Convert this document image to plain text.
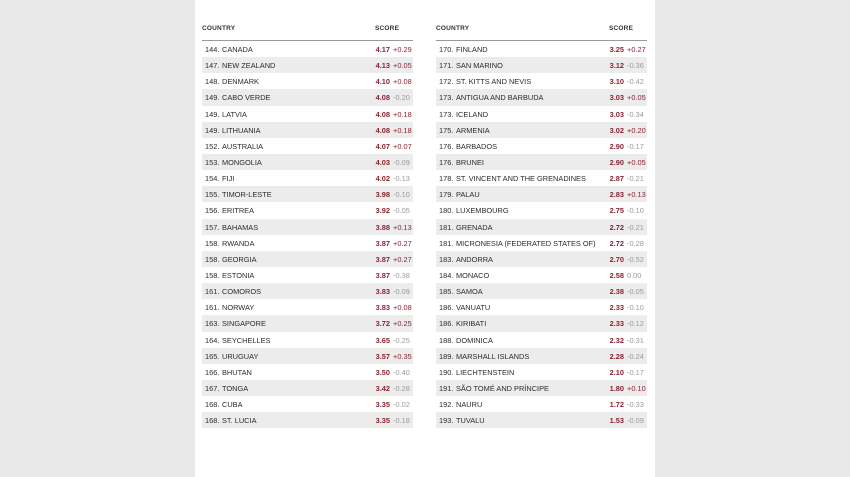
COUNTRY	SCORE
144. CANADA	4.17 +0.29
147. NEW ZEALAND	4.13 +0.05
148. DENMARK	4.10 +0.08
149. CABO VERDE	4.08 -0.20
149. LATVIA	4.08 +0.18
149. LITHUANIA	4.08 +0.18
152. AUSTRALIA	4.07 +0.07
153. MONGOLIA	4.03 -0.09
154. FIJI	4.02 -0.13
155. TIMOR-LESTE	3.98 -0.10
156. ERITREA	3.92 -0.05
157. BAHAMAS	3.88 +0.13
158. RWANDA	3.87 +0.27
158. GEORGIA	3.87 +0.27
158. ESTONIA	3.87 -0.38
161. COMOROS	3.83 -0.09
161. NORWAY	3.83 +0.08
163. SINGAPORE	3.72 +0.25
164. SEYCHELLES	3.65 -0.25
165. URUGUAY	3.57 +0.35
166. BHUTAN	3.50 -0.40
167. TONGA	3.42 -0.28
168. CUBA	3.35 -0.02
168. ST. LUCIA	3.35 -0.18
COUNTRY	SCORE
170. FINLAND	3.25 +0.27
171. SAN MARINO	3.12 -0.36
172. ST. KITTS AND NEVIS	3.10 -0.42
173. ANTIGUA AND BARBUDA	3.03 +0.05
173. ICELAND	3.03 -0.34
175. ARMENIA	3.02 +0.20
176. BARBADOS	2.90 -0.17
176. BRUNEI	2.90 +0.05
178. ST. VINCENT AND THE GRENADINES	2.87 -0.21
179. PALAU	2.83 +0.13
180. LUXEMBOURG	2.75 -0.10
181. GRENADA	2.72 -0.21
181. MICRONESIA (FEDERATED STATES OF) 2.72 -0.28
183. ANDORRA	2.70 -0.52
184. MONACO	2.58 0.00
185. SAMOA	2.38 -0.05
186. VANUATU	2.33 -0.10
186. KIRIBATI	2.33 -0.12
188. DOMINICA	2.32 -0.31
189. MARSHALL ISLANDS	2.28 -0.24
190. LIECHTENSTEIN	2.10 -0.17
191. SÃO TOMÉ AND PRÍNCIPE	1.80 +0.10
192. NAURU	1.72 -0.33
193. TUVALU	1.53 -0.09
